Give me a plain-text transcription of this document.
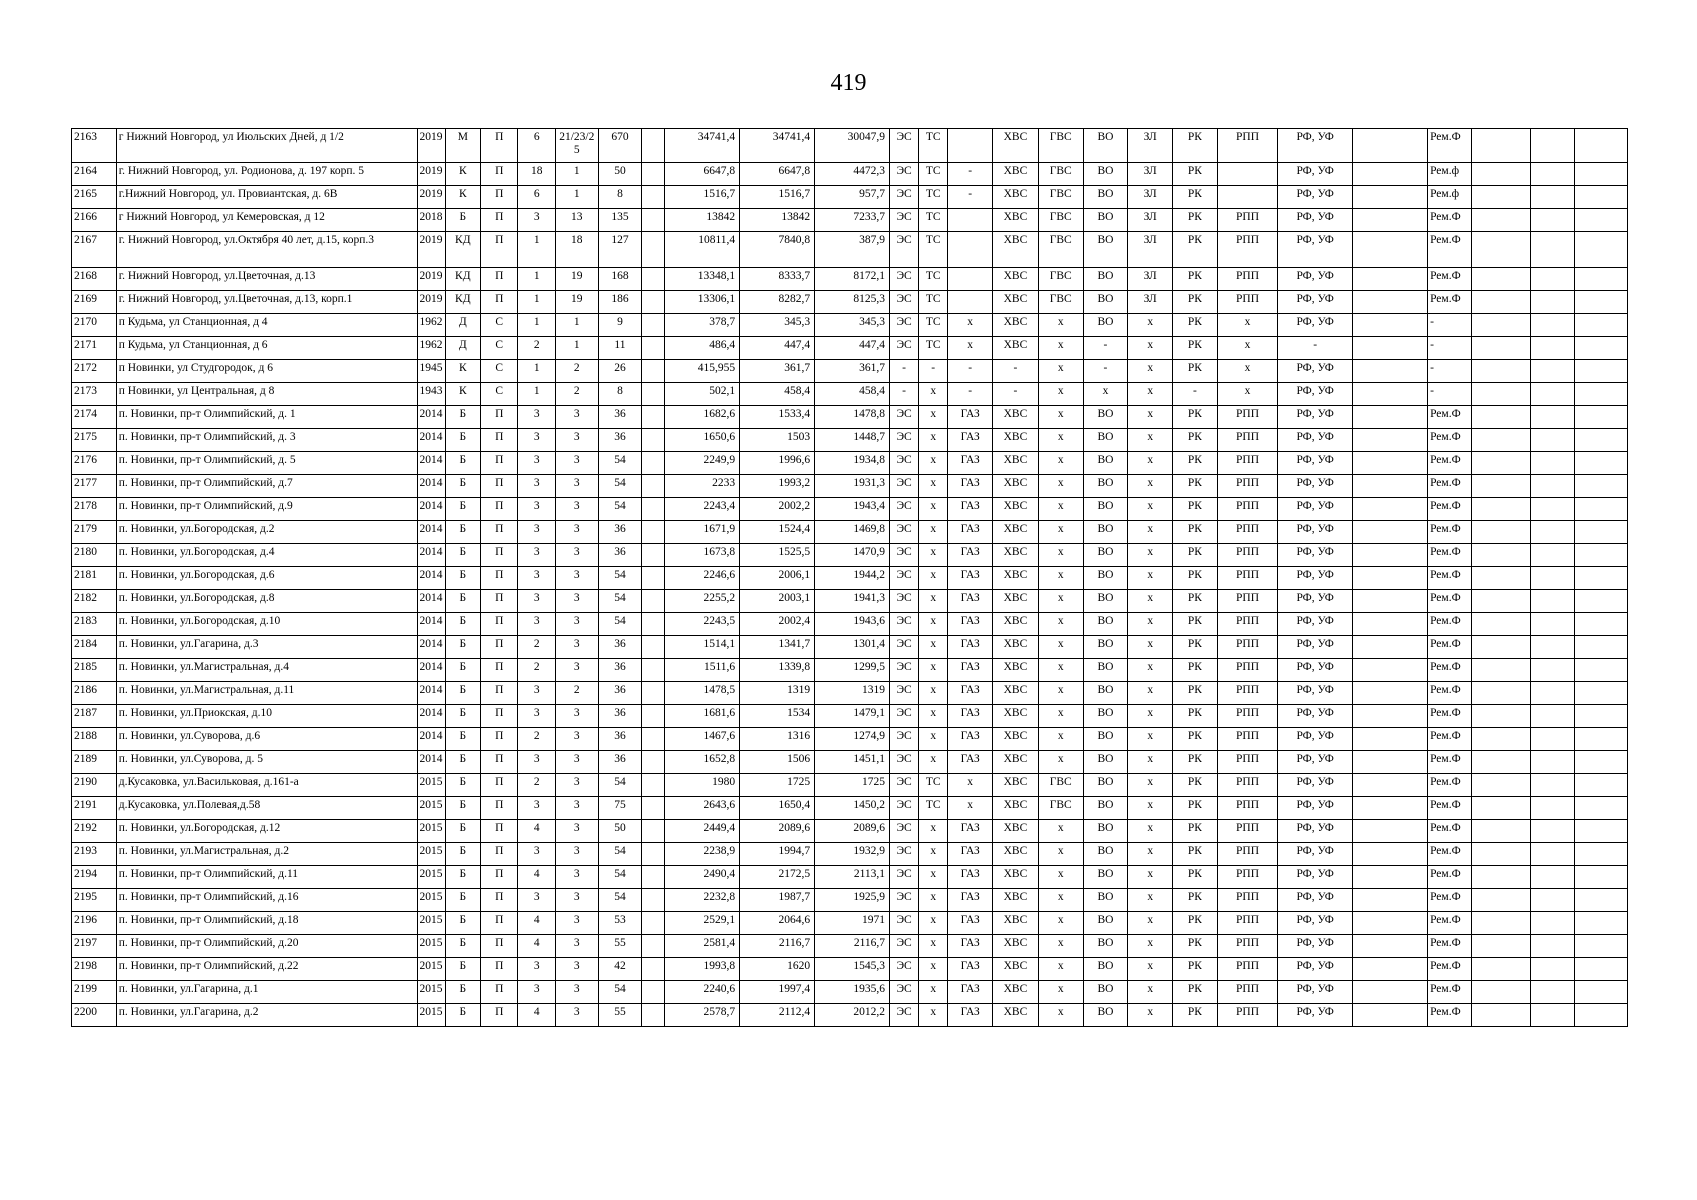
419
2163	г Нижний Новгород, ул Июльских Дней, д 1/2	2019	М	П	6	21/23/25	670		34741,4	34741,4	30047,9	ЭС	ТС		ХВС	ГВС	ВО	ЗЛ	РК	РПП	РФ, УФ		Рем.Ф			
2164	г. Нижний Новгород, ул. Родионова, д. 197 корп. 5	2019	К	П	18	1	50		6647,8	6647,8	4472,3	ЭС	ТС	-	ХВС	ГВС	ВО	ЗЛ	РК		РФ, УФ		Рем.ф			
2165	г.Нижний Новгород, ул. Провиантская, д. 6В	2019	К	П	6	1	8		1516,7	1516,7	957,7	ЭС	ТС	-	ХВС	ГВС	ВО	ЗЛ	РК		РФ, УФ		Рем.ф			
2166	г Нижний Новгород, ул Кемеровская, д 12	2018	Б	П	3	13	135		13842	13842	7233,7	ЭС	ТС		ХВС	ГВС	ВО	ЗЛ	РК	РПП	РФ, УФ		Рем.Ф			
2167	г. Нижний Новгород, ул.Октября 40 лет, д.15, корп.3	2019	КД	П	1	18	127		10811,4	7840,8	387,9	ЭС	ТС		ХВС	ГВС	ВО	ЗЛ	РК	РПП	РФ, УФ		Рем.Ф			
2168	г. Нижний Новгород, ул.Цветочная, д.13	2019	КД	П	1	19	168		13348,1	8333,7	8172,1	ЭС	ТС		ХВС	ГВС	ВО	ЗЛ	РК	РПП	РФ, УФ		Рем.Ф			
2169	г. Нижний Новгород, ул.Цветочная, д.13, корп.1	2019	КД	П	1	19	186		13306,1	8282,7	8125,3	ЭС	ТС		ХВС	ГВС	ВО	ЗЛ	РК	РПП	РФ, УФ		Рем.Ф			
2170	п Кудьма, ул Станционная, д 4	1962	Д	С	1	1	9		378,7	345,3	345,3	ЭС	ТС	х	ХВС	х	ВО	х	РК	х	РФ, УФ		-			
2171	п Кудьма, ул Станционная, д 6	1962	Д	С	2	1	11		486,4	447,4	447,4	ЭС	ТС	х	ХВС	х	-	х	РК	х	-		-			
2172	п Новинки, ул Студгородок, д 6	1945	К	С	1	2	26		415,955	361,7	361,7	-	-	-	-	х	-	х	РК	х	РФ, УФ		-			
2173	п Новинки, ул Центральная, д 8	1943	К	С	1	2	8		502,1	458,4	458,4	-	х	-	-	х	х	х	-	х	РФ, УФ		-			
2174	п. Новинки, пр-т Олимпийский, д. 1	2014	Б	П	3	3	36		1682,6	1533,4	1478,8	ЭС	х	ГАЗ	ХВС	х	ВО	х	РК	РПП	РФ, УФ		Рем.Ф			
2175	п. Новинки, пр-т Олимпийский, д. 3	2014	Б	П	3	3	36		1650,6	1503	1448,7	ЭС	х	ГАЗ	ХВС	х	ВО	х	РК	РПП	РФ, УФ		Рем.Ф			
2176	п. Новинки, пр-т Олимпийский, д. 5	2014	Б	П	3	3	54		2249,9	1996,6	1934,8	ЭС	х	ГАЗ	ХВС	х	ВО	х	РК	РПП	РФ, УФ		Рем.Ф			
2177	п. Новинки, пр-т Олимпийский, д.7	2014	Б	П	3	3	54		2233	1993,2	1931,3	ЭС	х	ГАЗ	ХВС	х	ВО	х	РК	РПП	РФ, УФ		Рем.Ф			
2178	п. Новинки, пр-т Олимпийский, д.9	2014	Б	П	3	3	54		2243,4	2002,2	1943,4	ЭС	х	ГАЗ	ХВС	х	ВО	х	РК	РПП	РФ, УФ		Рем.Ф			
2179	п. Новинки, ул.Богородская, д.2	2014	Б	П	3	3	36		1671,9	1524,4	1469,8	ЭС	х	ГАЗ	ХВС	х	ВО	х	РК	РПП	РФ, УФ		Рем.Ф			
2180	п. Новинки, ул.Богородская, д.4	2014	Б	П	3	3	36		1673,8	1525,5	1470,9	ЭС	х	ГАЗ	ХВС	х	ВО	х	РК	РПП	РФ, УФ		Рем.Ф			
2181	п. Новинки, ул.Богородская, д.6	2014	Б	П	3	3	54		2246,6	2006,1	1944,2	ЭС	х	ГАЗ	ХВС	х	ВО	х	РК	РПП	РФ, УФ		Рем.Ф			
2182	п. Новинки, ул.Богородская, д.8	2014	Б	П	3	3	54		2255,2	2003,1	1941,3	ЭС	х	ГАЗ	ХВС	х	ВО	х	РК	РПП	РФ, УФ		Рем.Ф			
2183	п. Новинки, ул.Богородская, д.10	2014	Б	П	3	3	54		2243,5	2002,4	1943,6	ЭС	х	ГАЗ	ХВС	х	ВО	х	РК	РПП	РФ, УФ		Рем.Ф			
2184	п. Новинки, ул.Гагарина, д.3	2014	Б	П	2	3	36		1514,1	1341,7	1301,4	ЭС	х	ГАЗ	ХВС	х	ВО	х	РК	РПП	РФ, УФ		Рем.Ф			
2185	п. Новинки, ул.Магистральная, д.4	2014	Б	П	2	3	36		1511,6	1339,8	1299,5	ЭС	х	ГАЗ	ХВС	х	ВО	х	РК	РПП	РФ, УФ		Рем.Ф			
2186	п. Новинки, ул.Магистральная, д.11	2014	Б	П	3	2	36		1478,5	1319	1319	ЭС	х	ГАЗ	ХВС	х	ВО	х	РК	РПП	РФ, УФ		Рем.Ф			
2187	п. Новинки, ул.Приокская, д.10	2014	Б	П	3	3	36		1681,6	1534	1479,1	ЭС	х	ГАЗ	ХВС	х	ВО	х	РК	РПП	РФ, УФ		Рем.Ф			
2188	п. Новинки, ул.Суворова, д.6	2014	Б	П	2	3	36		1467,6	1316	1274,9	ЭС	х	ГАЗ	ХВС	х	ВО	х	РК	РПП	РФ, УФ		Рем.Ф			
2189	п. Новинки, ул.Суворова, д. 5	2014	Б	П	3	3	36		1652,8	1506	1451,1	ЭС	х	ГАЗ	ХВС	х	ВО	х	РК	РПП	РФ, УФ		Рем.Ф			
2190	д.Кусаковка, ул.Васильковая, д.161-а	2015	Б	П	2	3	54		1980	1725	1725	ЭС	ТС	х	ХВС	ГВС	ВО	х	РК	РПП	РФ, УФ		Рем.Ф			
2191	д.Кусаковка, ул.Полевая,д.58	2015	Б	П	3	3	75		2643,6	1650,4	1450,2	ЭС	ТС	х	ХВС	ГВС	ВО	х	РК	РПП	РФ, УФ		Рем.Ф			
2192	п. Новинки, ул.Богородская, д.12	2015	Б	П	4	3	50		2449,4	2089,6	2089,6	ЭС	х	ГАЗ	ХВС	х	ВО	х	РК	РПП	РФ, УФ		Рем.Ф			
2193	п. Новинки, ул.Магистральная, д.2	2015	Б	П	3	3	54		2238,9	1994,7	1932,9	ЭС	х	ГАЗ	ХВС	х	ВО	х	РК	РПП	РФ, УФ		Рем.Ф			
2194	п. Новинки, пр-т Олимпийский, д.11	2015	Б	П	4	3	54		2490,4	2172,5	2113,1	ЭС	х	ГАЗ	ХВС	х	ВО	х	РК	РПП	РФ, УФ		Рем.Ф			
2195	п. Новинки, пр-т Олимпийский, д.16	2015	Б	П	3	3	54		2232,8	1987,7	1925,9	ЭС	х	ГАЗ	ХВС	х	ВО	х	РК	РПП	РФ, УФ		Рем.Ф			
2196	п. Новинки, пр-т Олимпийский, д.18	2015	Б	П	4	3	53		2529,1	2064,6	1971	ЭС	х	ГАЗ	ХВС	х	ВО	х	РК	РПП	РФ, УФ		Рем.Ф			
2197	п. Новинки, пр-т Олимпийский, д.20	2015	Б	П	4	3	55		2581,4	2116,7	2116,7	ЭС	х	ГАЗ	ХВС	х	ВО	х	РК	РПП	РФ, УФ		Рем.Ф			
2198	п. Новинки, пр-т Олимпийский, д.22	2015	Б	П	3	3	42		1993,8	1620	1545,3	ЭС	х	ГАЗ	ХВС	х	ВО	х	РК	РПП	РФ, УФ		Рем.Ф			
2199	п. Новинки, ул.Гагарина, д.1	2015	Б	П	3	3	54		2240,6	1997,4	1935,6	ЭС	х	ГАЗ	ХВС	х	ВО	х	РК	РПП	РФ, УФ		Рем.Ф			
2200	п. Новинки, ул.Гагарина, д.2	2015	Б	П	4	3	55		2578,7	2112,4	2012,2	ЭС	х	ГАЗ	ХВС	х	ВО	х	РК	РПП	РФ, УФ		Рем.Ф			
